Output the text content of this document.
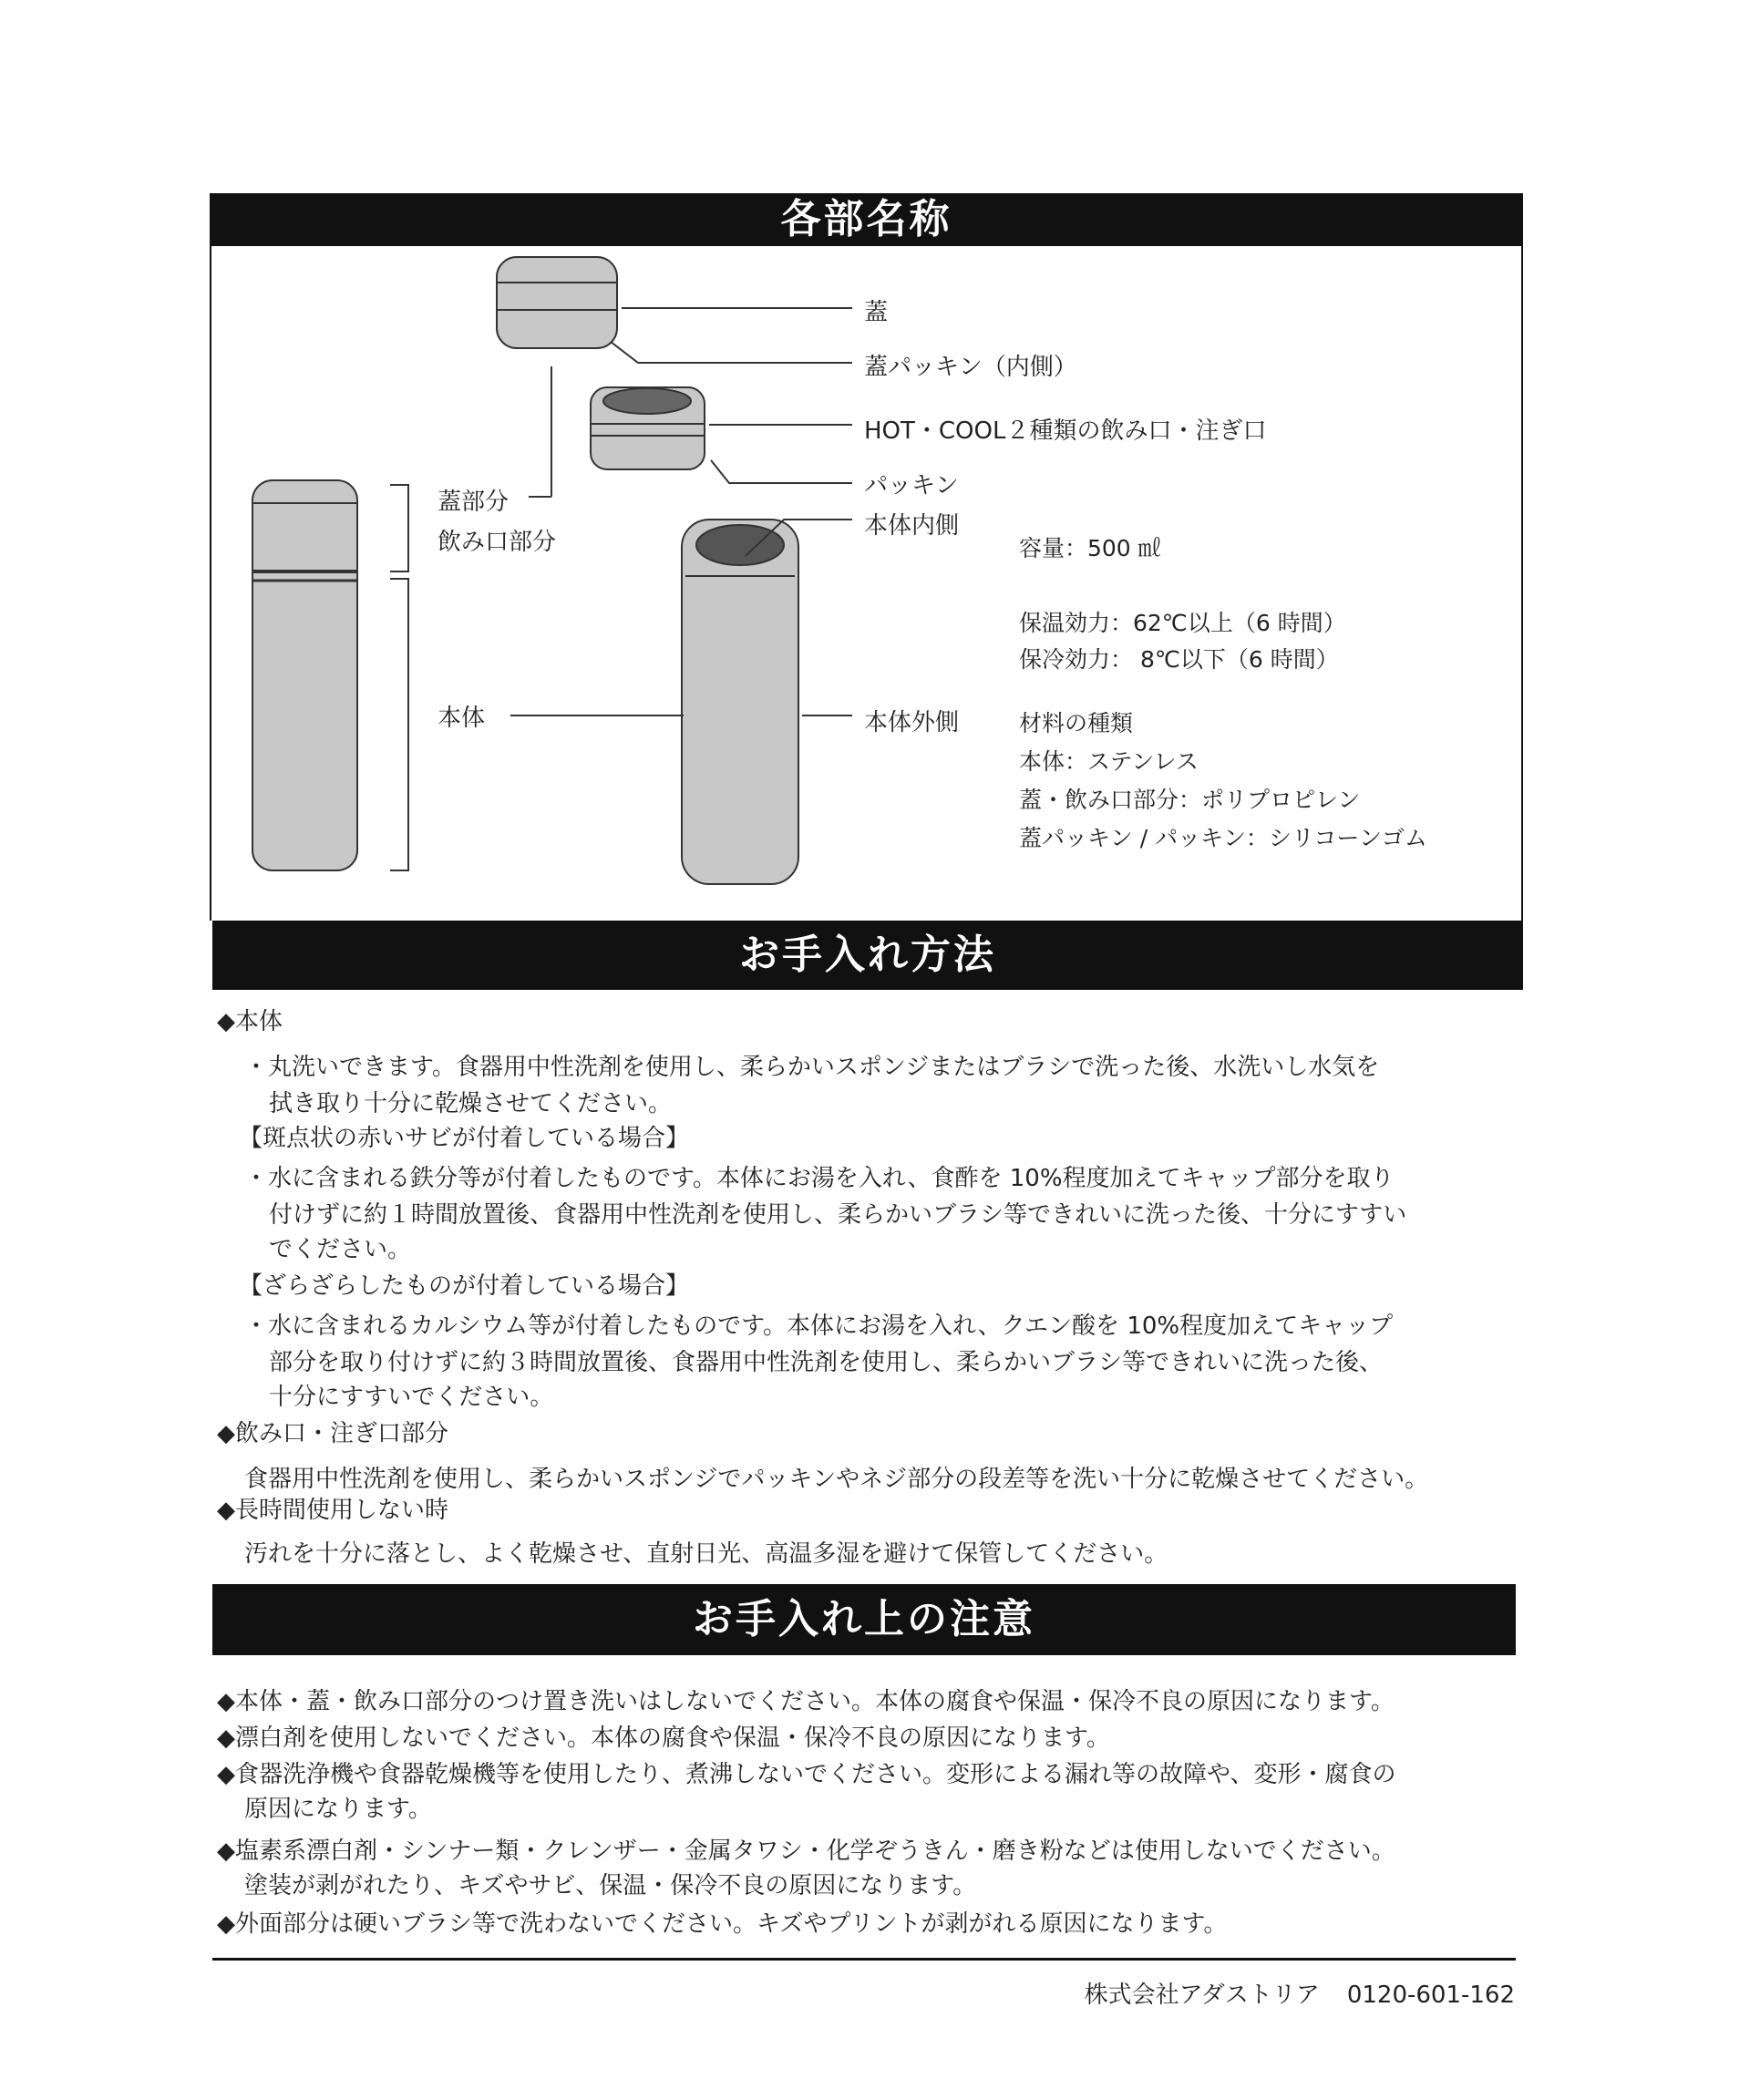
各部名称
蓋
蓋パッキン（内側）
HOT・COOL２種類の飲み口・注ぎ口
パッキン
本体内側
蓋部分
飲み口部分
本体	本体外側
容量：500 ㎖
保温効力：62℃以上（6 時間）
保冷効力： 8℃以下（6 時間）
材料の種類
本体：ステンレス
蓋・飲み口部分：ポリプロピレン
蓋パッキン / パッキン：シリコーンゴム
お手入れ方法
◆ 本体
・丸洗いできます。食器用中性洗剤を使用し、柔らかいスポンジまたはブラシで洗った後、水洗いし水気を
拭き取り十分に乾燥させてください。
【斑点状の赤いサビが付着している場合】
・水に含まれる鉄分等が付着したものです。本体にお湯を入れ、食酢を 10%程度加えてキャップ部分を取り
付けずに約１時間放置後、食器用中性洗剤を使用し、柔らかいブラシ等できれいに洗った後、十分にすすい
でください。
【ざらざらしたものが付着している場合】
・水に含まれるカルシウム等が付着したものです。本体にお湯を入れ、クエン酸を 10%程度加えてキャップ
部分を取り付けずに約３時間放置後、食器用中性洗剤を使用し、柔らかいブラシ等できれいに洗った後、
十分にすすいでください。
◆ 飲み口・注ぎ口部分
食器用中性洗剤を使用し、柔らかいスポンジでパッキンやネジ部分の段差等を洗い十分に乾燥させてください。
◆ 長時間使用しない時
汚れを十分に落とし、よく乾燥させ、直射日光、高温多湿を避けて保管してください。
お手入れ上の注意
◆ 本体・蓋・飲み口部分のつけ置き洗いはしないでください。本体の腐食や保温・保冷不良の原因になります。
◆ 漂白剤を使用しないでください。本体の腐食や保温・保冷不良の原因になります。
◆ 食器洗浄機や食器乾燥機等を使用したり、煮沸しないでください。変形による漏れ等の故障や、変形・腐食の
原因になります。
◆ 塩素系漂白剤・シンナー類・クレンザー・金属タワシ・化学ぞうきん・磨き粉などは使用しないでください。
塗装が剥がれたり、キズやサビ、保温・保冷不良の原因になります。
◆ 外面部分は硬いブラシ等で洗わないでください。キズやプリントが剥がれる原因になります。
株式会社アダストリア 0120-601-162
